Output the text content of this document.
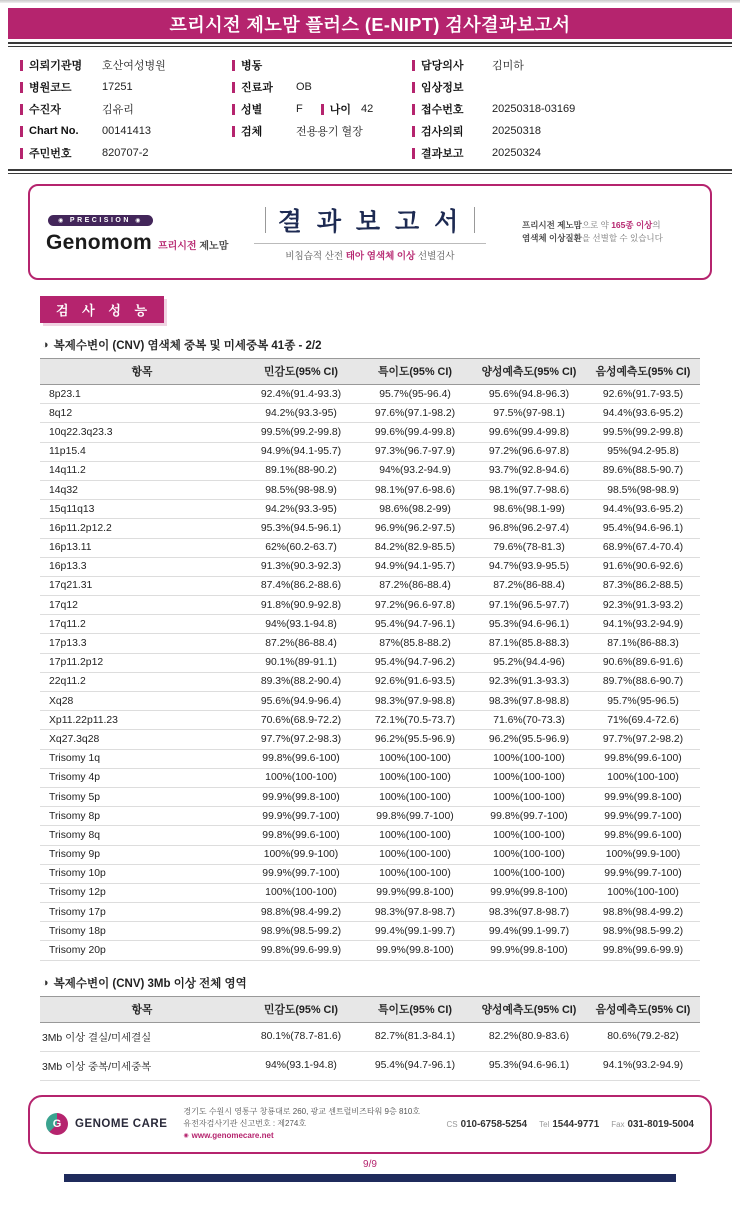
프리시전 제노맘 플러스 (E-NIPT) 검사결과보고서
의뢰기관명 호산여성병원
병원코드	17251
수진자	김유리
Chart No. 00141413
주민번호	820707-2
병동
진료과 OB
성별	F 나이 42
검체	전용용기 혈장
담당의사	김미하
임상정보
접수번호	20250318-03169
검사의뢰	20250318
결과보고	20250324
◉ PRECISION ◉
Genomom 프리시전 제노맘
결 과 보 고 서
비침습적 산전 태아 염색체 이상 선별검사
프리시전 제노맘으로 약 165종 이상의
염색체 이상질환을 선별할 수 있습니다
검 사 성 능
◑ 복제수변이 (CNV) 염색체 중복 및 미세중복 41종 - 2/2
항목	민감도(95% CI)	특이도(95% CI)	양성예측도(95% CI)	음성예측도(95% CI)
8p23.1	92.4%(91.4-93.3)	95.7%(95-96.4)	95.6%(94.8-96.3)	92.6%(91.7-93.5)
8q12	94.2%(93.3-95)	97.6%(97.1-98.2)	97.5%(97-98.1)	94.4%(93.6-95.2)
10q22.3q23.3	99.5%(99.2-99.8)	99.6%(99.4-99.8)	99.6%(99.4-99.8)	99.5%(99.2-99.8)
11p15.4	94.9%(94.1-95.7)	97.3%(96.7-97.9)	97.2%(96.6-97.8)	95%(94.2-95.8)
14q11.2	89.1%(88-90.2)	94%(93.2-94.9)	93.7%(92.8-94.6)	89.6%(88.5-90.7)
14q32	98.5%(98-98.9)	98.1%(97.6-98.6)	98.1%(97.7-98.6)	98.5%(98-98.9)
15q11q13	94.2%(93.3-95)	98.6%(98.2-99)	98.6%(98.1-99)	94.4%(93.6-95.2)
16p11.2p12.2	95.3%(94.5-96.1)	96.9%(96.2-97.5)	96.8%(96.2-97.4)	95.4%(94.6-96.1)
16p13.11	62%(60.2-63.7)	84.2%(82.9-85.5)	79.6%(78-81.3)	68.9%(67.4-70.4)
16p13.3	91.3%(90.3-92.3)	94.9%(94.1-95.7)	94.7%(93.9-95.5)	91.6%(90.6-92.6)
17q21.31	87.4%(86.2-88.6)	87.2%(86-88.4)	87.2%(86-88.4)	87.3%(86.2-88.5)
17q12	91.8%(90.9-92.8)	97.2%(96.6-97.8)	97.1%(96.5-97.7)	92.3%(91.3-93.2)
17q11.2	94%(93.1-94.8)	95.4%(94.7-96.1)	95.3%(94.6-96.1)	94.1%(93.2-94.9)
17p13.3	87.2%(86-88.4)	87%(85.8-88.2)	87.1%(85.8-88.3)	87.1%(86-88.3)
17p11.2p12	90.1%(89-91.1)	95.4%(94.7-96.2)	95.2%(94.4-96)	90.6%(89.6-91.6)
22q11.2	89.3%(88.2-90.4)	92.6%(91.6-93.5)	92.3%(91.3-93.3)	89.7%(88.6-90.7)
Xq28	95.6%(94.9-96.4)	98.3%(97.9-98.8)	98.3%(97.8-98.8)	95.7%(95-96.5)
Xp11.22p11.23	70.6%(68.9-72.2)	72.1%(70.5-73.7)	71.6%(70-73.3)	71%(69.4-72.6)
Xq27.3q28	97.7%(97.2-98.3)	96.2%(95.5-96.9)	96.2%(95.5-96.9)	97.7%(97.2-98.2)
Trisomy 1q	99.8%(99.6-100)	100%(100-100)	100%(100-100)	99.8%(99.6-100)
Trisomy 4p	100%(100-100)	100%(100-100)	100%(100-100)	100%(100-100)
Trisomy 5p	99.9%(99.8-100)	100%(100-100)	100%(100-100)	99.9%(99.8-100)
Trisomy 8p	99.9%(99.7-100)	99.8%(99.7-100)	99.8%(99.7-100)	99.9%(99.7-100)
Trisomy 8q	99.8%(99.6-100)	100%(100-100)	100%(100-100)	99.8%(99.6-100)
Trisomy 9p	100%(99.9-100)	100%(100-100)	100%(100-100)	100%(99.9-100)
Trisomy 10p	99.9%(99.7-100)	100%(100-100)	100%(100-100)	99.9%(99.7-100)
Trisomy 12p	100%(100-100)	99.9%(99.8-100)	99.9%(99.8-100)	100%(100-100)
Trisomy 17p	98.8%(98.4-99.2)	98.3%(97.8-98.7)	98.3%(97.8-98.7)	98.8%(98.4-99.2)
Trisomy 18p	98.9%(98.5-99.2)	99.4%(99.1-99.7)	99.4%(99.1-99.7)	98.9%(98.5-99.2)
Trisomy 20p	99.8%(99.6-99.9)	99.9%(99.8-100)	99.9%(99.8-100)	99.8%(99.6-99.9)
◑ 복제수변이 (CNV) 3Mb 이상 전체 영역
항목	민감도(95% CI)	특이도(95% CI)	양성예측도(95% CI)	음성예측도(95% CI)
3Mb 이상 결실/미세결실	80.1%(78.7-81.6)	82.7%(81.3-84.1)	82.2%(80.9-83.6)	80.6%(79.2-82)
3Mb 이상 중복/미세중복	94%(93.1-94.8)	95.4%(94.7-96.1)	95.3%(94.6-96.1)	94.1%(93.2-94.9)
G	GENOME CARE
경기도 수원시 영통구 창룡대로 260, 광교 센트럴비즈타워 9층 810호
유전자검사기관 신고번호 : 제274호
◉ www.genomecare.net
CS 010-6758-5254 Tel 1544-9771 Fax 031-8019-5004
9/9
